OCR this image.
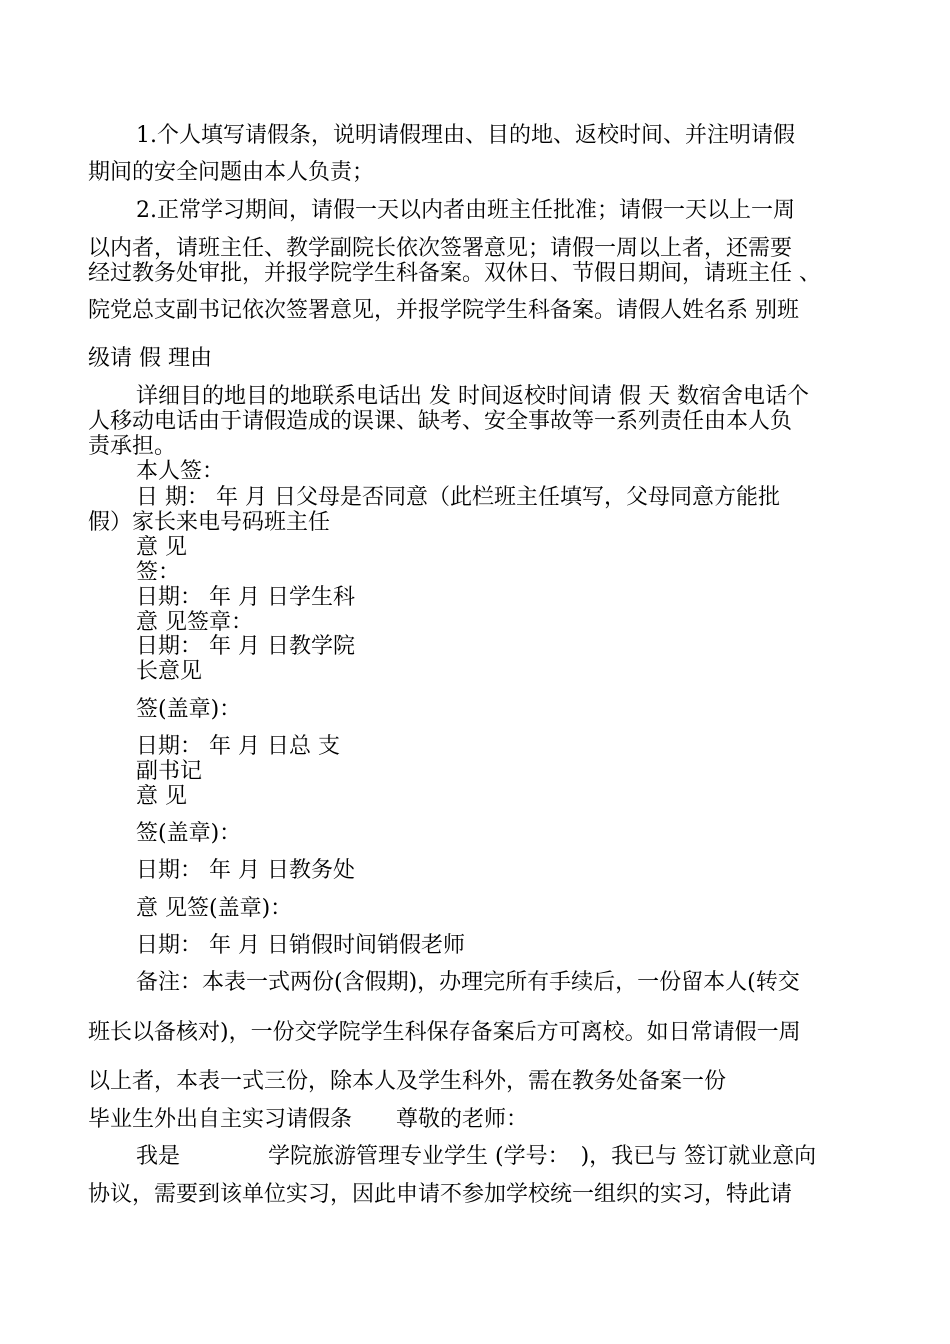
1.个人填写请假条，说明请假理由、目的地、返校时间、并注明请假
期间的安全问题由本人负责；
2.正常学习期间，请假一天以内者由班主任批准；请假一天以上一周
以内者，请班主任、教学副院长依次签署意见；请假一周以上者，还需要
经过教务处审批，并报学院学生科备案。双休日、节假日期间，请班主任 、
院党总支副书记依次签署意见，并报学院学生科备案。请假人姓名系 别班
级请 假 理由
详细目的地目的地联系电话出 发 时间返校时间请 假 天 数宿舍电话个
人移动电话由于请假造成的误课、缺考、安全事故等一系列责任由本人负
责承担。
本人签：
日 期： 年 月 日父母是否同意（此栏班主任填写，父母同意方能批
假）家长来电号码班主任
意 见
签：
日期： 年 月 日学生科
意 见签章：
日期： 年 月 日教学院
长意见
签(盖章)：
日期： 年 月 日总 支
副书记
意 见
签(盖章)：
日期： 年 月 日教务处
意 见签(盖章)：
日期： 年 月 日销假时间销假老师
备注：本表一式两份(含假期)，办理完所有手续后，一份留本人(转交
班长以备核对)，一份交学院学生科保存备案后方可离校。如日常请假一周
以上者，本表一式三份，除本人及学生科外，需在教务处备案一份
毕业生外出自主实习请假条　　尊敬的老师：
我是　　　　学院旅游管理专业学生 (学号：　)，我已与 签订就业意向
协议，需要到该单位实习，因此申请不参加学校统一组织的实习，特此请
